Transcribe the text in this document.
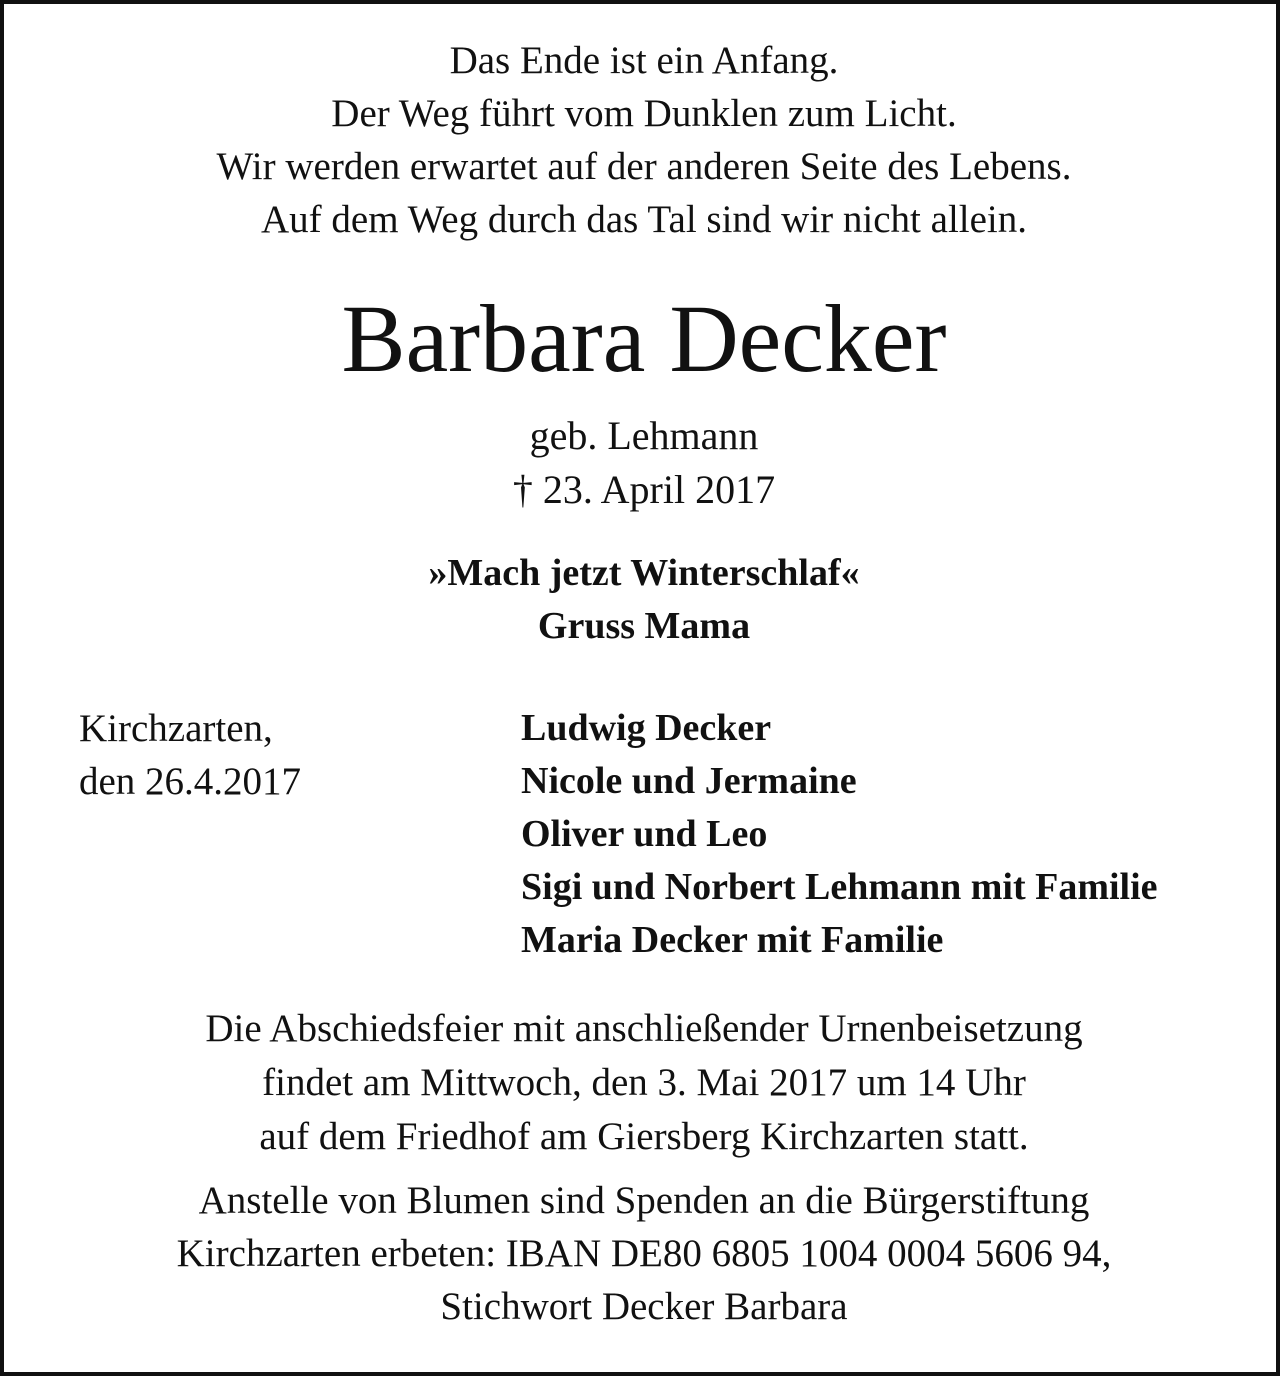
Das Ende ist ein Anfang.
Der Weg führt vom Dunklen zum Licht.
Wir werden erwartet auf der anderen Seite des Lebens.
Auf dem Weg durch das Tal sind wir nicht allein.
Barbara Decker
geb. Lehmann
† 23. April 2017
»Mach jetzt Winterschlaf«
Gruss Mama
Kirchzarten,
den 26.4.2017
Ludwig Decker
Nicole und Jermaine
Oliver und Leo
Sigi und Norbert Lehmann mit Familie
Maria Decker mit Familie
Die Abschiedsfeier mit anschließender Urnenbeisetzung
findet am Mittwoch, den 3. Mai 2017 um 14 Uhr
auf dem Friedhof am Giersberg Kirchzarten statt.
Anstelle von Blumen sind Spenden an die Bürgerstiftung
Kirchzarten erbeten: IBAN DE80 6805 1004 0004 5606 94,
Stichwort Decker Barbara
